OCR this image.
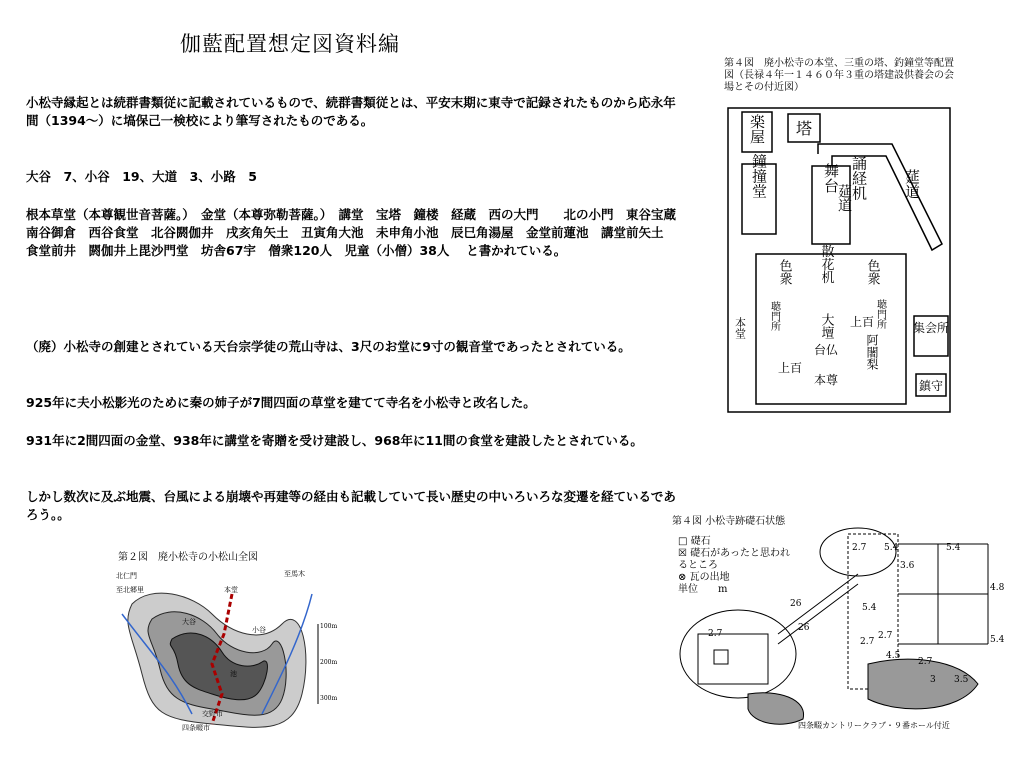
伽藍配置想定図資料編

小松寺縁起とは続群書類従に記載されているもので、続群書類従とは、平安末期に東寺で記録されたものから応永年間（1394～）に塙保己一検校により筆写されたものである。

大谷　7、小谷　19、大道　3、小路　5

根本草堂（本尊観世音菩薩。）　金堂（本尊弥勒菩薩。）　講堂　宝塔　鐘楼　経蔵　西の大門　　北の小門　東谷宝蔵　南谷御倉　西谷食堂　北谷閼伽井　戌亥角矢土　丑寅角大池　未申角小池　辰巳角湯屋　金堂前蓮池　講堂前矢土　食堂前井　閼伽井上毘沙門堂　坊舎67宇　僧衆120人　児童（小僧）38人　 と書かれている。

（廃）小松寺の創建とされている天台宗学徒の荒山寺は、3尺のお堂に9寸の観音堂であったとされている。

925年に夫小松影光のために秦の姉子が7間四面の草堂を建てて寺名を小松寺と改名した。

931年に2間四面の金堂、938年に講堂を寄贈を受け建設し、968年に11間の食堂を建設したとされている。

しかし数次に及ぶ地震、台風による崩壊や再建等の経由も記載していて長い歴史の中いろいろな変遷を経ているであろう。。

第４図　廃小松寺の本堂、三重の塔、釣鐘堂等配置図（長禄４年一１４６０年３重の塔建設供養会の会場とその付近図）
楽屋 塔
鐘撞堂	舞台
莚道
誦経机 莚道
色衆 散花机 色衆
本堂 聴門所	大壇	聴門所
上百
台仏 阿闍梨
上百
本尊
集会所
鎮守
第２図　廃小松寺の小松山全図
至馬木
北仁門
至北郷里
大谷
小谷
本堂
池
100m
200m
300m
交野市
四条畷市
第４図 小松寺跡礎石状態
□ 礎石
☒ 礎石があったと思われるところ
⊗ 瓦の出地
単位　　 m
2.7 5.4	5.4
3.6
26
26
5.4
4.8
2.7
2.7
4.5
2.7
5.4
3 3.5
2.7
四条畷カントリークラブ・９番ホール付近
